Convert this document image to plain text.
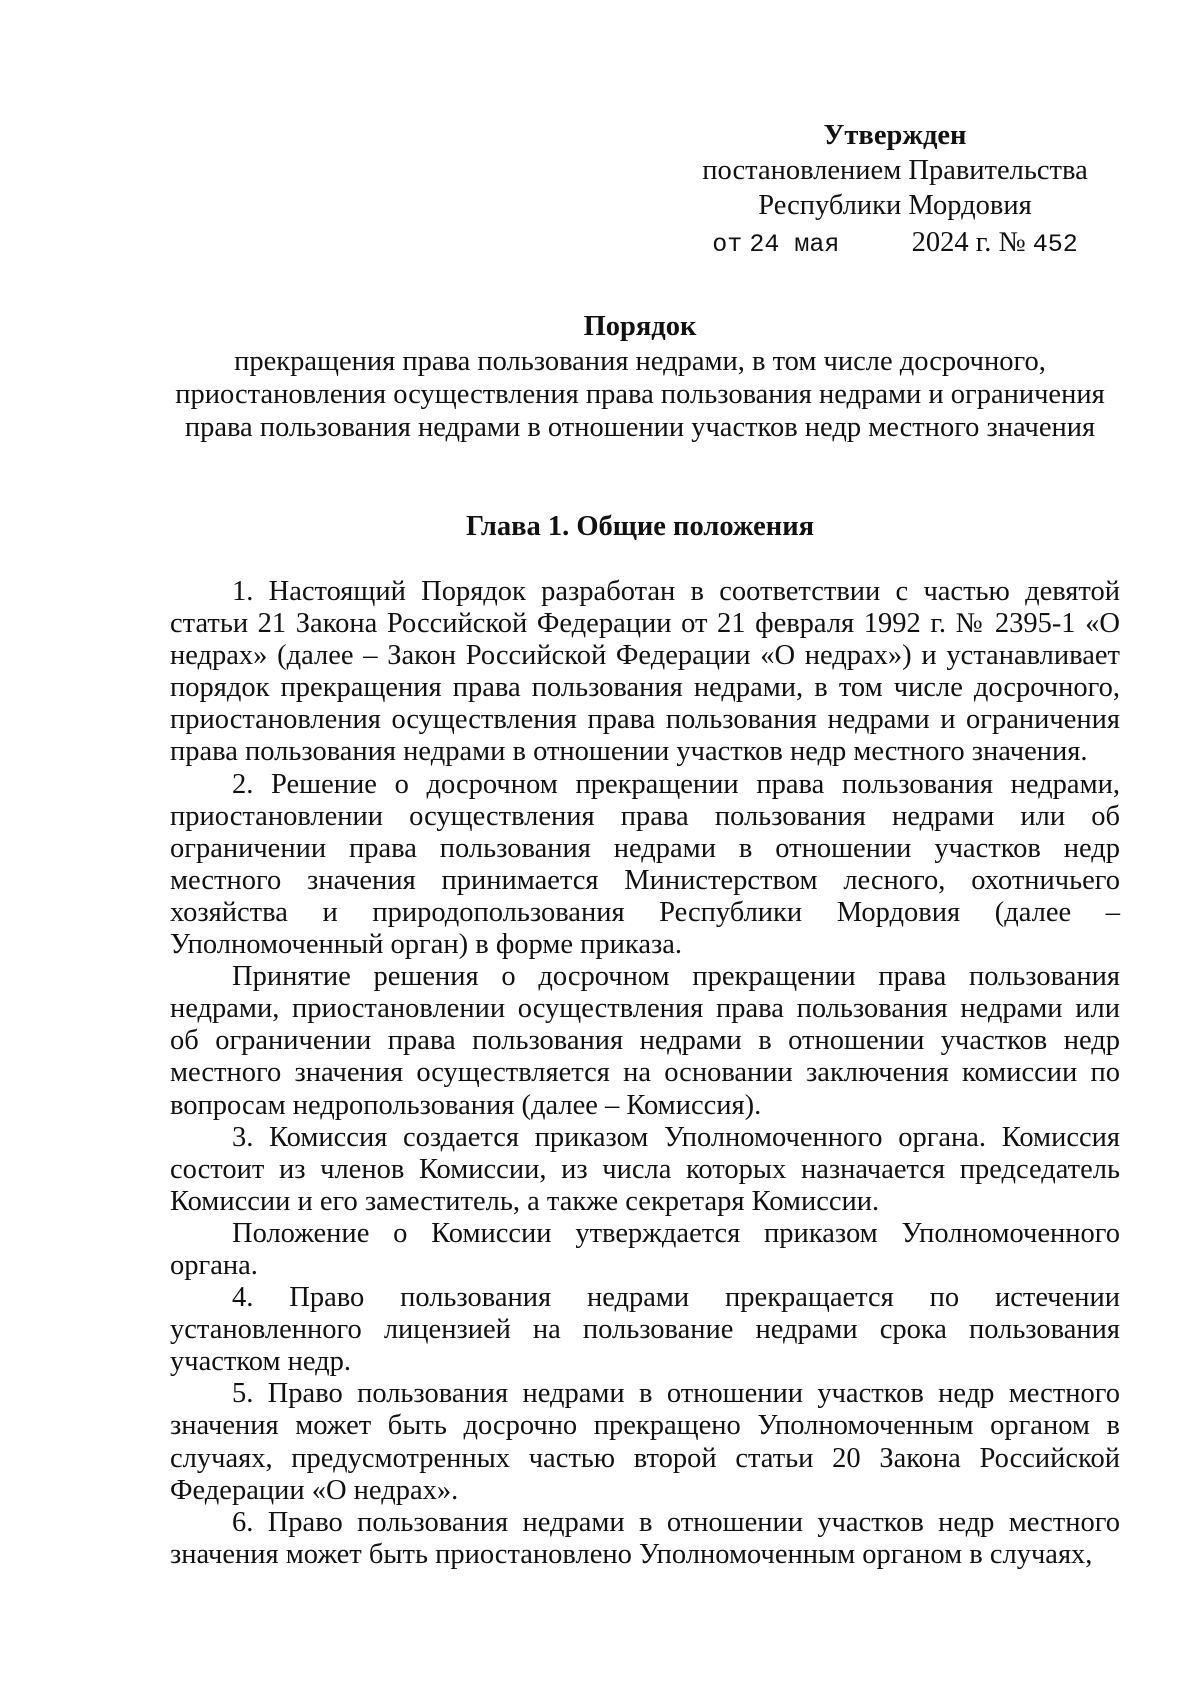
Утвержден
постановлением Правительства
Республики Мордовия
от 24 мая	2024 г. № 452
Порядок
прекращения права пользования недрами, в том числе досрочного,
приостановления осуществления права пользования недрами и ограничения
права пользования недрами в отношении участков недр местного значения
Глава 1. Общие положения

1. Настоящий Порядок разработан в соответствии с частью девятой статьи 21 Закона Российской Федерации от 21 февраля 1992 г. № 2395-1 «О недрах» (далее – Закон Российской Федерации «О недрах») и устанавливает порядок прекращения права пользования недрами, в том числе досрочного, приостановления осуществления права пользования недрами и ограничения права пользования недрами в отношении участков недр местного значения.

2. Решение о досрочном прекращении права пользования недрами, приостановлении осуществления права пользования недрами или об ограничении права пользования недрами в отношении участков недр местного значения принимается Министерством лесного, охотничьего хозяйства и природопользования Республики Мордовия (далее – Уполномоченный орган) в форме приказа.

Принятие решения о досрочном прекращении права пользования недрами, приостановлении осуществления права пользования недрами или об ограничении права пользования недрами в отношении участков недр местного значения осуществляется на основании заключения комиссии по вопросам недропользования (далее – Комиссия).

3. Комиссия создается приказом Уполномоченного органа. Комиссия состоит из членов Комиссии, из числа которых назначается председатель Комиссии и его заместитель, а также секретаря Комиссии.

Положение о Комиссии утверждается приказом Уполномоченного органа.

4. Право пользования недрами прекращается по истечении установленного лицензией на пользование недрами срока пользования участком недр.

5. Право пользования недрами в отношении участков недр местного значения может быть досрочно прекращено Уполномоченным органом в случаях, предусмотренных частью второй статьи 20 Закона Российской Федерации «О недрах».

6. Право пользования недрами в отношении участков недр местного значения может быть приостановлено Уполномоченным органом в случаях,
